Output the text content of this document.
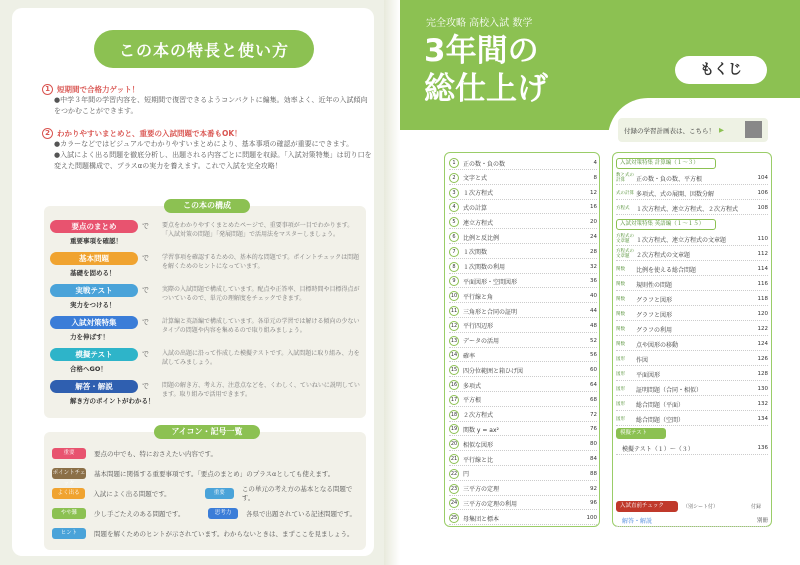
この本の特長と使い方
1 短期間で合格力ゲット！
●中学３年間の学習内容を、短期間で復習できるようコンパクトに編集。効率よく、近年の入試傾向をつかむことができます。
2 わかりやすいまとめと、重要の入試問題で本番もOK！
●カラーなどではビジュアルでわかりやすいまとめにより、基本事項の確認が重要にできます。
●入試によく出る問題を徹底分析し、出題される内容ごとに問題を収録。「入試対策特集」は切り口を変えた問題構成で、プラスαの実力を養えます。これで入試を完全攻略！
この本の構成
要点のまとめ	で
重要事項を確認！
要点をわかりやすくまとめたページで、重要事項が一目でわかります。「入試対策の問題」「発展問題」で活用法をマスターしましょう。
基本問題	で
基礎を固める！
学習事項を確認するための、基本的な問題です。ポイントチェックは問題を解くためのヒントになっています。
実戦テスト	で
実力をつける！
実際の入試問題で構成しています。配点や正答率、目標時間や目標得点がついているので、単元の理解度をチェックできます。
入試対策特集	で
力を伸ばす！
計算編と英語編で構成しています。各単元の学習では解ける傾向の少ないタイプの問題や内容を集めるので取り組みましょう。
模擬テスト	で
合格へGO！
入試の出題に沿って作成した模擬テストです。入試問題に取り組み、力を試してみましょう。
解答・解説	で
解き方のポイントがわかる！
問題の解き方、考え方、注意点などを、くわしく、ていねいに説明しています。取り組みで活用できます。
アイコン・記号一覧
重要	要点の中でも、特におさえたい内容です。
ポイントチェック
基本問題に関係する重要事項です。「要点のまとめ」のプラスαとしても使えます。
よく出る	入試によく出る問題です。	重要	この単元の考え方の基本となる問題です。
やや難	少し手ごたえのある問題です。	思考力	各県で出題されている記述問題です。
ヒント	問題を解くためのヒントが示されています。わからないときは、まずここを見ましょう。
完全攻略 高校入試 数学
3年間の
総仕上げ
もくじ
付録の学習計画表は、こちら！ ▶
1	正の数・負の数	4
2	文字と式	8
3	１次方程式	12
4	式の計算	16
5	連立方程式	20
6	比例と反比例	24
7	１次関数	28
8	１次関数の利用	32
9	平面図形・空間図形	36
10 平行線と角	40
11 三角形と合同の証明	44
12 平行四辺形	48
13 データの活用	52
14 確率	56
15 四分位範囲と箱ひげ図	60
16 多項式	64
17 平方根	68
18 ２次方程式	72
19 関数 y = ax²	76
20 相似な図形	80
21 平行線と比	84
22 円	88
23 三平方の定理	92
24 三平方の定理の利用	96
25 母集団と標本	100
入試対策特集 計算編（１〜３）
数と式の計算	正の数・負の数、平方根	104
式の計算 多項式、式の展開、因数分解	106
方程式	１次方程式、連立方程式、２次方程式	108
入試対策特集 英語編（１〜１５）
方程式の文章題	１次方程式、連立方程式の文章題	110
方程式の文章題	２次方程式の文章題	112
関数	比例を使える総合問題	114
関数	規則性の問題	116
関数	グラフと図形	118
関数	グラフと図形	120
関数	グラフの利用	122
関数	点や図形の移動	124
図形	作図	126
図形	平面図形	128
図形	証明問題（合同・相似）	130
図形	総合問題（平面）	132
図形	総合問題（空間）	134
模擬テスト
模擬テスト（１）〜（３）	136
入試直前チェック	（別シート付）	付録
解答・解説	別冊
